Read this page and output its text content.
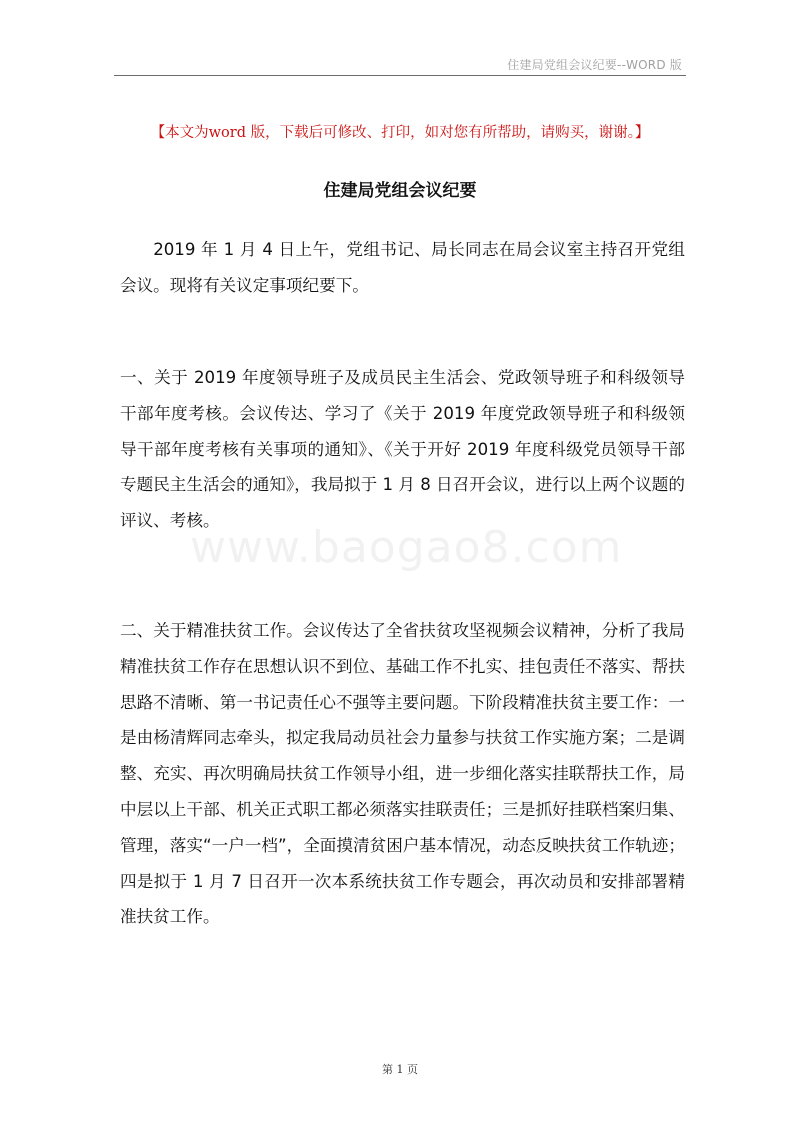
住建局党组会议纪要--WORD 版
【本文为word 版，下载后可修改、打印，如对您有所帮助，请购买，谢谢。】
住建局党组会议纪要

2019 年 1 月 4 日上午，党组书记、局长同志在局会议室主持召开党组会议。现将有关议定事项纪要下。

一、关于 2019 年度领导班子及成员民主生活会、党政领导班子和科级领导干部年度考核。会议传达、学习了《关于 2019 年度党政领导班子和科级领导干部年度考核有关事项的通知》、《关于开好 2019 年度科级党员领导干部专题民主生活会的通知》，我局拟于 1 月 8 日召开会议，进行以上两个议题的评议、考核。

www.baogao8.com

二、关于精准扶贫工作。会议传达了全省扶贫攻坚视频会议精神，分析了我局精准扶贫工作存在思想认识不到位、基础工作不扎实、挂包责任不落实、帮扶思路不清晰、第一书记责任心不强等主要问题。下阶段精准扶贫主要工作：一是由杨清辉同志牵头，拟定我局动员社会力量参与扶贫工作实施方案；二是调整、充实、再次明确局扶贫工作领导小组，进一步细化落实挂联帮扶工作，局中层以上干部、机关正式职工都必须落实挂联责任；三是抓好挂联档案归集、管理，落实“一户一档”，全面摸清贫困户基本情况，动态反映扶贫工作轨迹；四是拟于 1 月 7 日召开一次本系统扶贫工作专题会，再次动员和安排部署精准扶贫工作。

第 1 页
